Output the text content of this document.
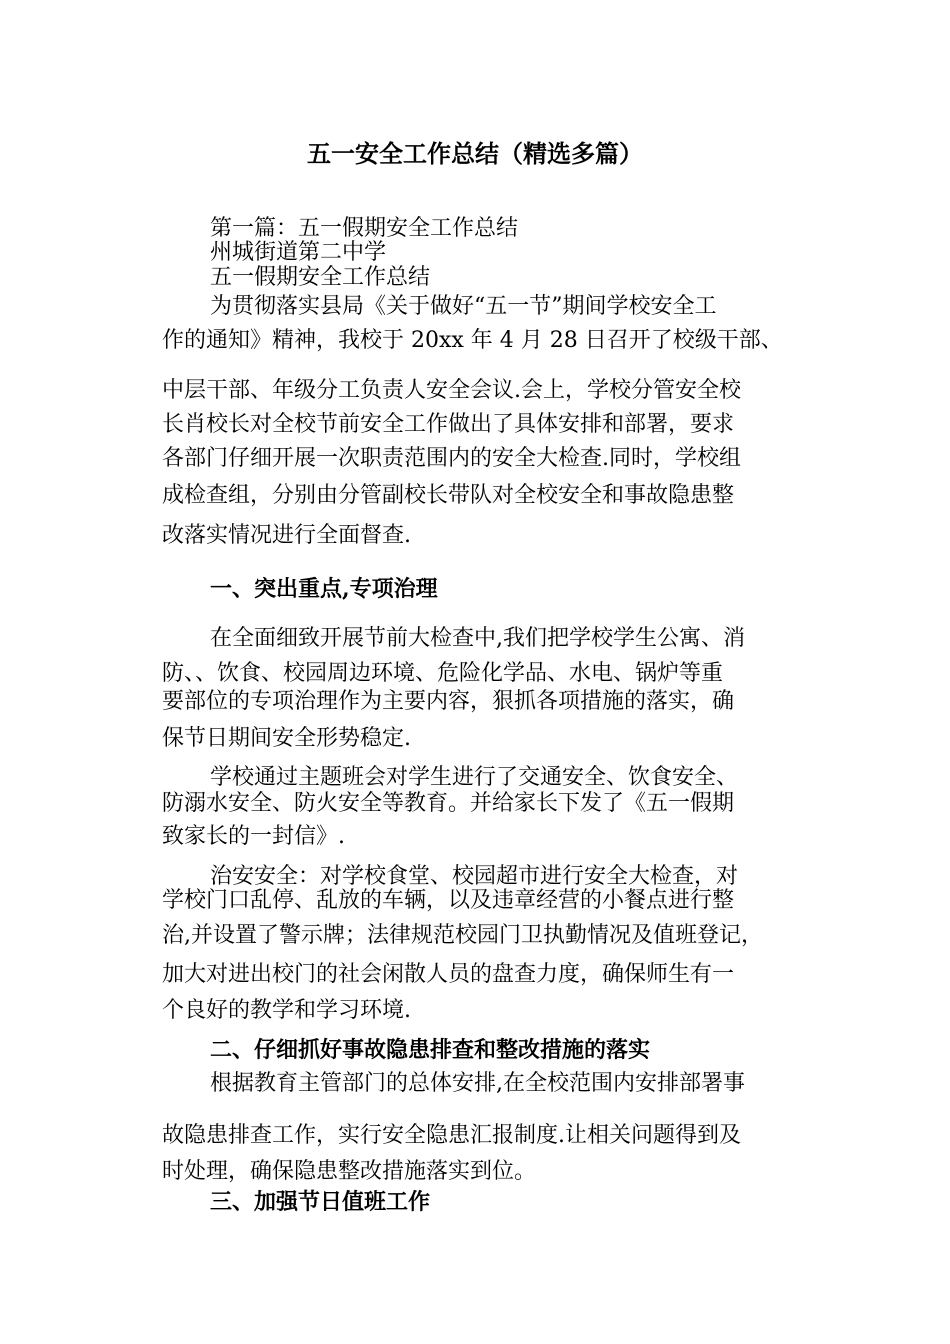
五一安全工作总结（精选多篇）
第一篇：五一假期安全工作总结
州城街道第二中学
五一假期安全工作总结
为贯彻落实县局《关于做好“五一节”期间学校安全工
作的通知》精神，我校于 20xx 年 4 月 28 日召开了校级干部、
中层干部、年级分工负责人安全会议.会上，学校分管安全校
长肖校长对全校节前安全工作做出了具体安排和部署，要求
各部门仔细开展一次职责范围内的安全大检查.同时，学校组
成检查组，分别由分管副校长带队对全校安全和事故隐患整
改落实情况进行全面督查.
一、突出重点,专项治理
在全面细致开展节前大检查中,我们把学校学生公寓、消
防、、饮食、校园周边环境、危险化学品、水电、锅炉等重
要部位的专项治理作为主要内容，狠抓各项措施的落实，确
保节日期间安全形势稳定.
学校通过主题班会对学生进行了交通安全、饮食安全、
防溺水安全、防火安全等教育。并给家长下发了《五一假期
致家长的一封信》.
治安安全：对学校食堂、校园超市进行安全大检查，对
学校门口乱停、乱放的车辆，以及违章经营的小餐点进行整
治,并设置了警示牌；法律规范校园门卫执勤情况及值班登记，
加大对进出校门的社会闲散人员的盘查力度，确保师生有一
个良好的教学和学习环境.
二、仔细抓好事故隐患排查和整改措施的落实
根据教育主管部门的总体安排,在全校范围内安排部署事
故隐患排查工作，实行安全隐患汇报制度.让相关问题得到及
时处理，确保隐患整改措施落实到位。
三、加强节日值班工作
